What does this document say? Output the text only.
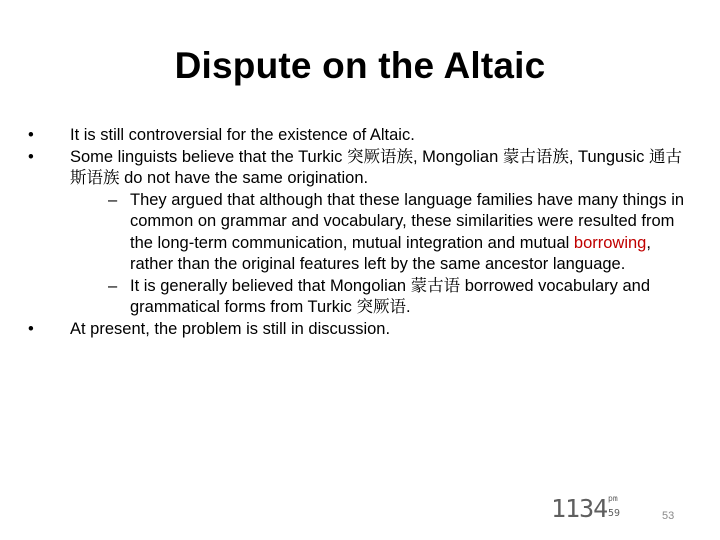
Dispute on the Altaic
• It is still controversial for the existence of Altaic.
• Some linguists believe that the Turkic 突厥语族, Mongolian 蒙古语族, Tungusic 通古斯语族 do not have the same origination.
– They argued that although that these language families have many things in common on grammar and vocabulary, these similarities were resulted from the long-term communication, mutual integration and mutual borrowing, rather than the original features left by the same ancestor language.
– It is generally believed that Mongolian 蒙古语 borrowed vocabulary and grammatical forms from Turkic 突厥语.
• At present, the problem is still in discussion.
1134 pm
59	53
